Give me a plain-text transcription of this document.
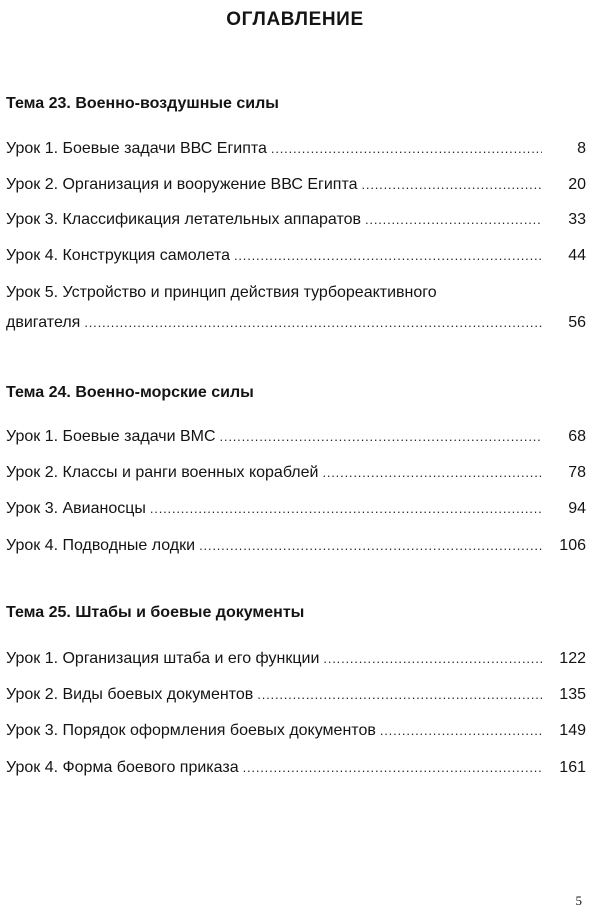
ОГЛАВЛЕНИЕ
Тема 23. Военно-воздушные силы
Урок 1. Боевые задачи ВВС Египта .....	8
Урок 2. Организация и вооружение ВВС Египта .....	20
Урок 3. Классификация летательных аппаратов .....	33
Урок 4. Конструкция самолета .....	44
Урок 5. Устройство и принцип действия турбореактивного
двигателя .....	56
Тема 24. Военно-морские силы
Урок 1. Боевые задачи ВМС .....	68
Урок 2. Классы и ранги военных кораблей .....	78
Урок 3. Авианосцы .....	94
Урок 4. Подводные лодки .....	106
Тема 25. Штабы и боевые документы
Урок 1. Организация штаба и его функции .....	122
Урок 2. Виды боевых документов .....	135
Урок 3. Порядок оформления боевых документов .....	149
Урок 4. Форма боевого приказа .....	161
5
